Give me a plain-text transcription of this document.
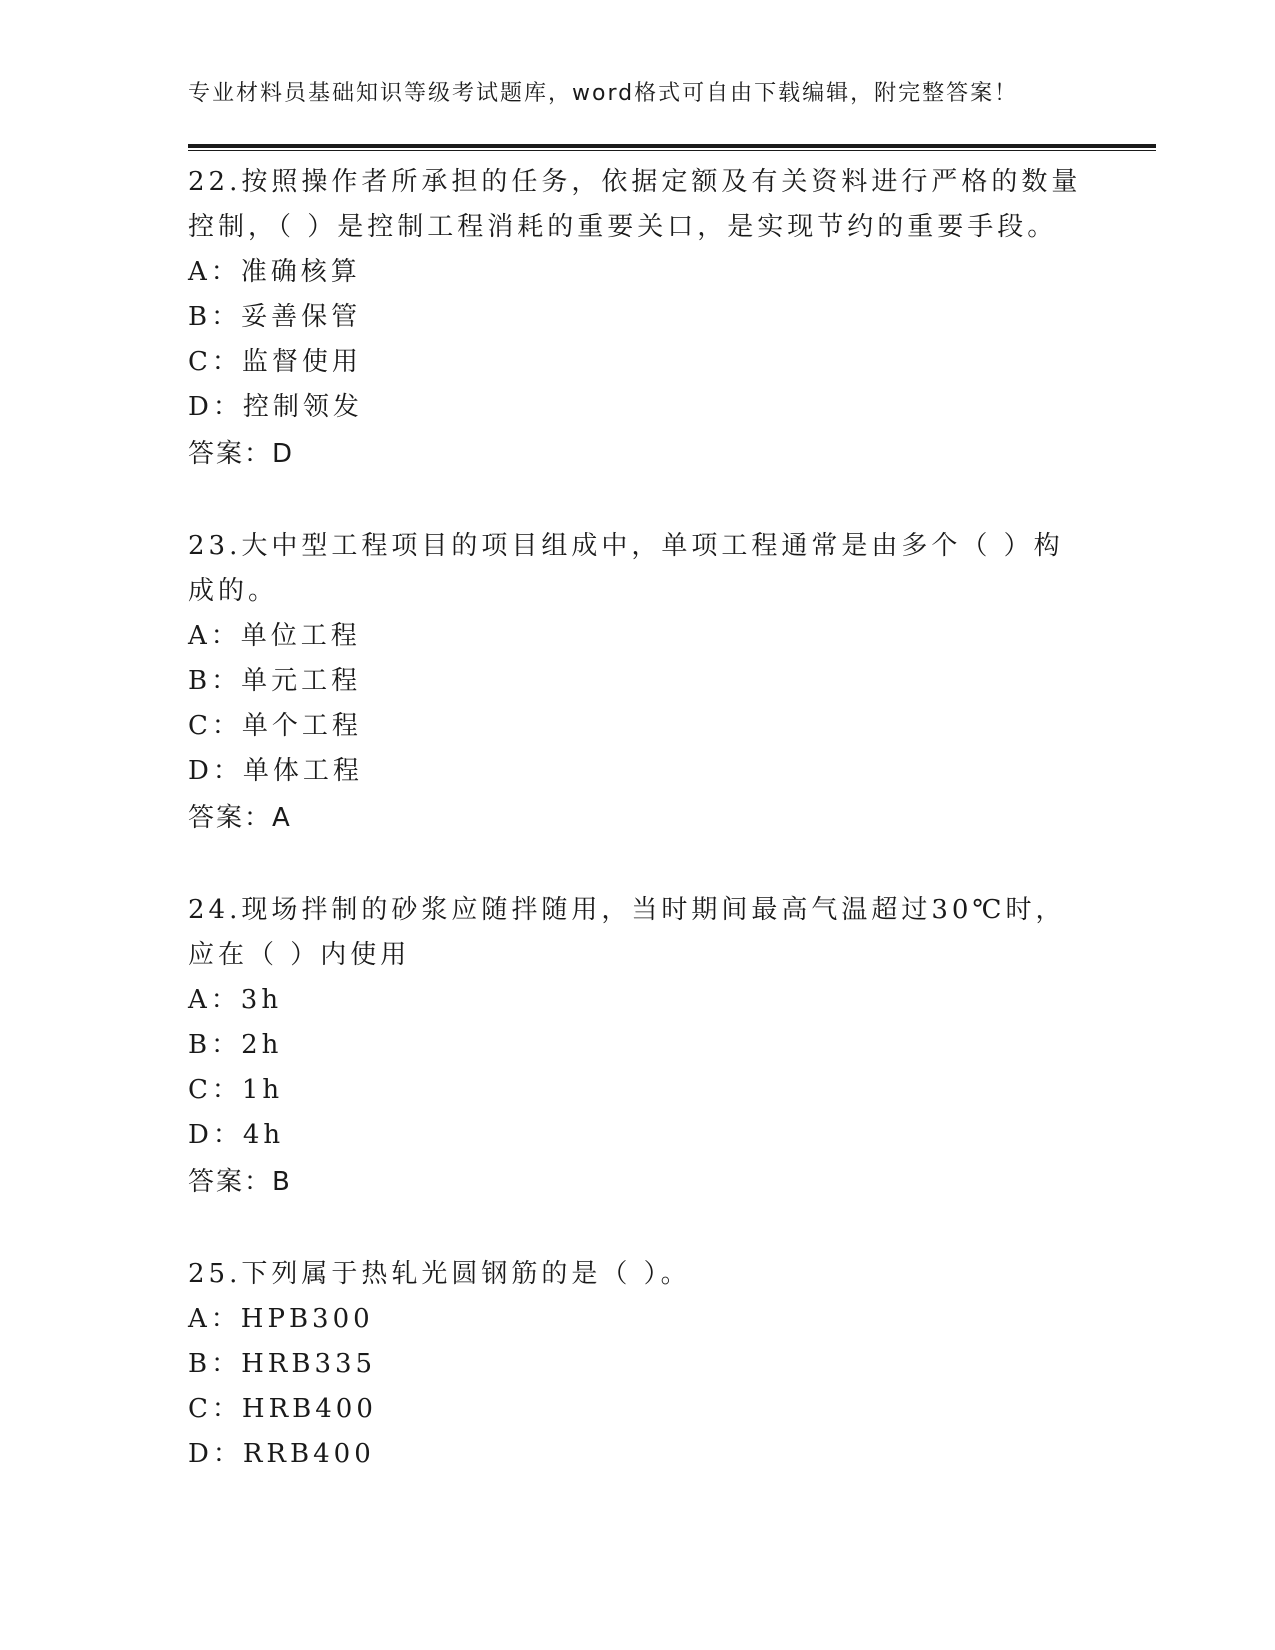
专业材料员基础知识等级考试题库，word格式可自由下载编辑，附完整答案！

22.按照操作者所承担的任务，依据定额及有关资料进行严格的数量控制，（ ）是控制工程消耗的重要关口，是实现节约的重要手段。

A：准确核算

B：妥善保管

C：监督使用

D：控制领发

答案：D

23.大中型工程项目的项目组成中，单项工程通常是由多个（ ）构成的。

A：单位工程

B：单元工程

C：单个工程

D：单体工程

答案：A

24.现场拌制的砂浆应随拌随用，当时期间最高气温超过30℃时，应在（ ）内使用

A：3h

B：2h

C：1h

D：4h

答案：B

25.下列属于热轧光圆钢筋的是（ ）。

A：HPB300

B：HRB335

C：HRB400

D：RRB400
